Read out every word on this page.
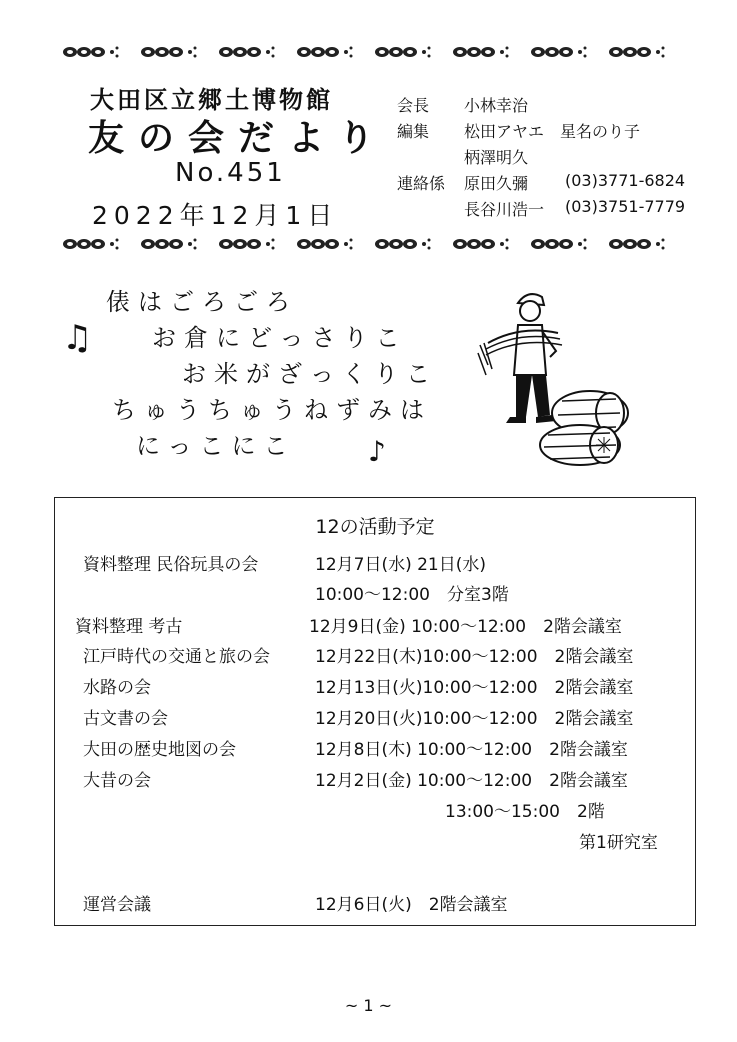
大田区立郷土博物館
友の会だより
No.451
2022年12月1日
会長 小林幸治
編集 松田アヤエ　星名のり子
柄澤明久
連絡係 原田久彌 (03)3771-6824
長谷川浩一 (03)3751-7779
俵はごろごろ
お倉にどっさりこ
お米がざっくりこ
ちゅうちゅうねずみは
にっこにこ
♫
♪
12の活動予定
資料整理 民俗玩具の会	12月7日(水) 21日(水)
10:00～12:00　分室3階
資料整理 考古	12月9日(金) 10:00～12:00　2階会議室
江戸時代の交通と旅の会	12月22日(木)10:00～12:00　2階会議室
水路の会	12月13日(火)10:00～12:00　2階会議室
古文書の会	12月20日(火)10:00～12:00　2階会議室
大田の歴史地図の会	12月8日(木) 10:00～12:00　2階会議室
大昔の会	12月2日(金) 10:00～12:00　2階会議室
13:00～15:00　2階
第1研究室
運営会議	12月6日(火)　2階会議室
~ 1 ~
